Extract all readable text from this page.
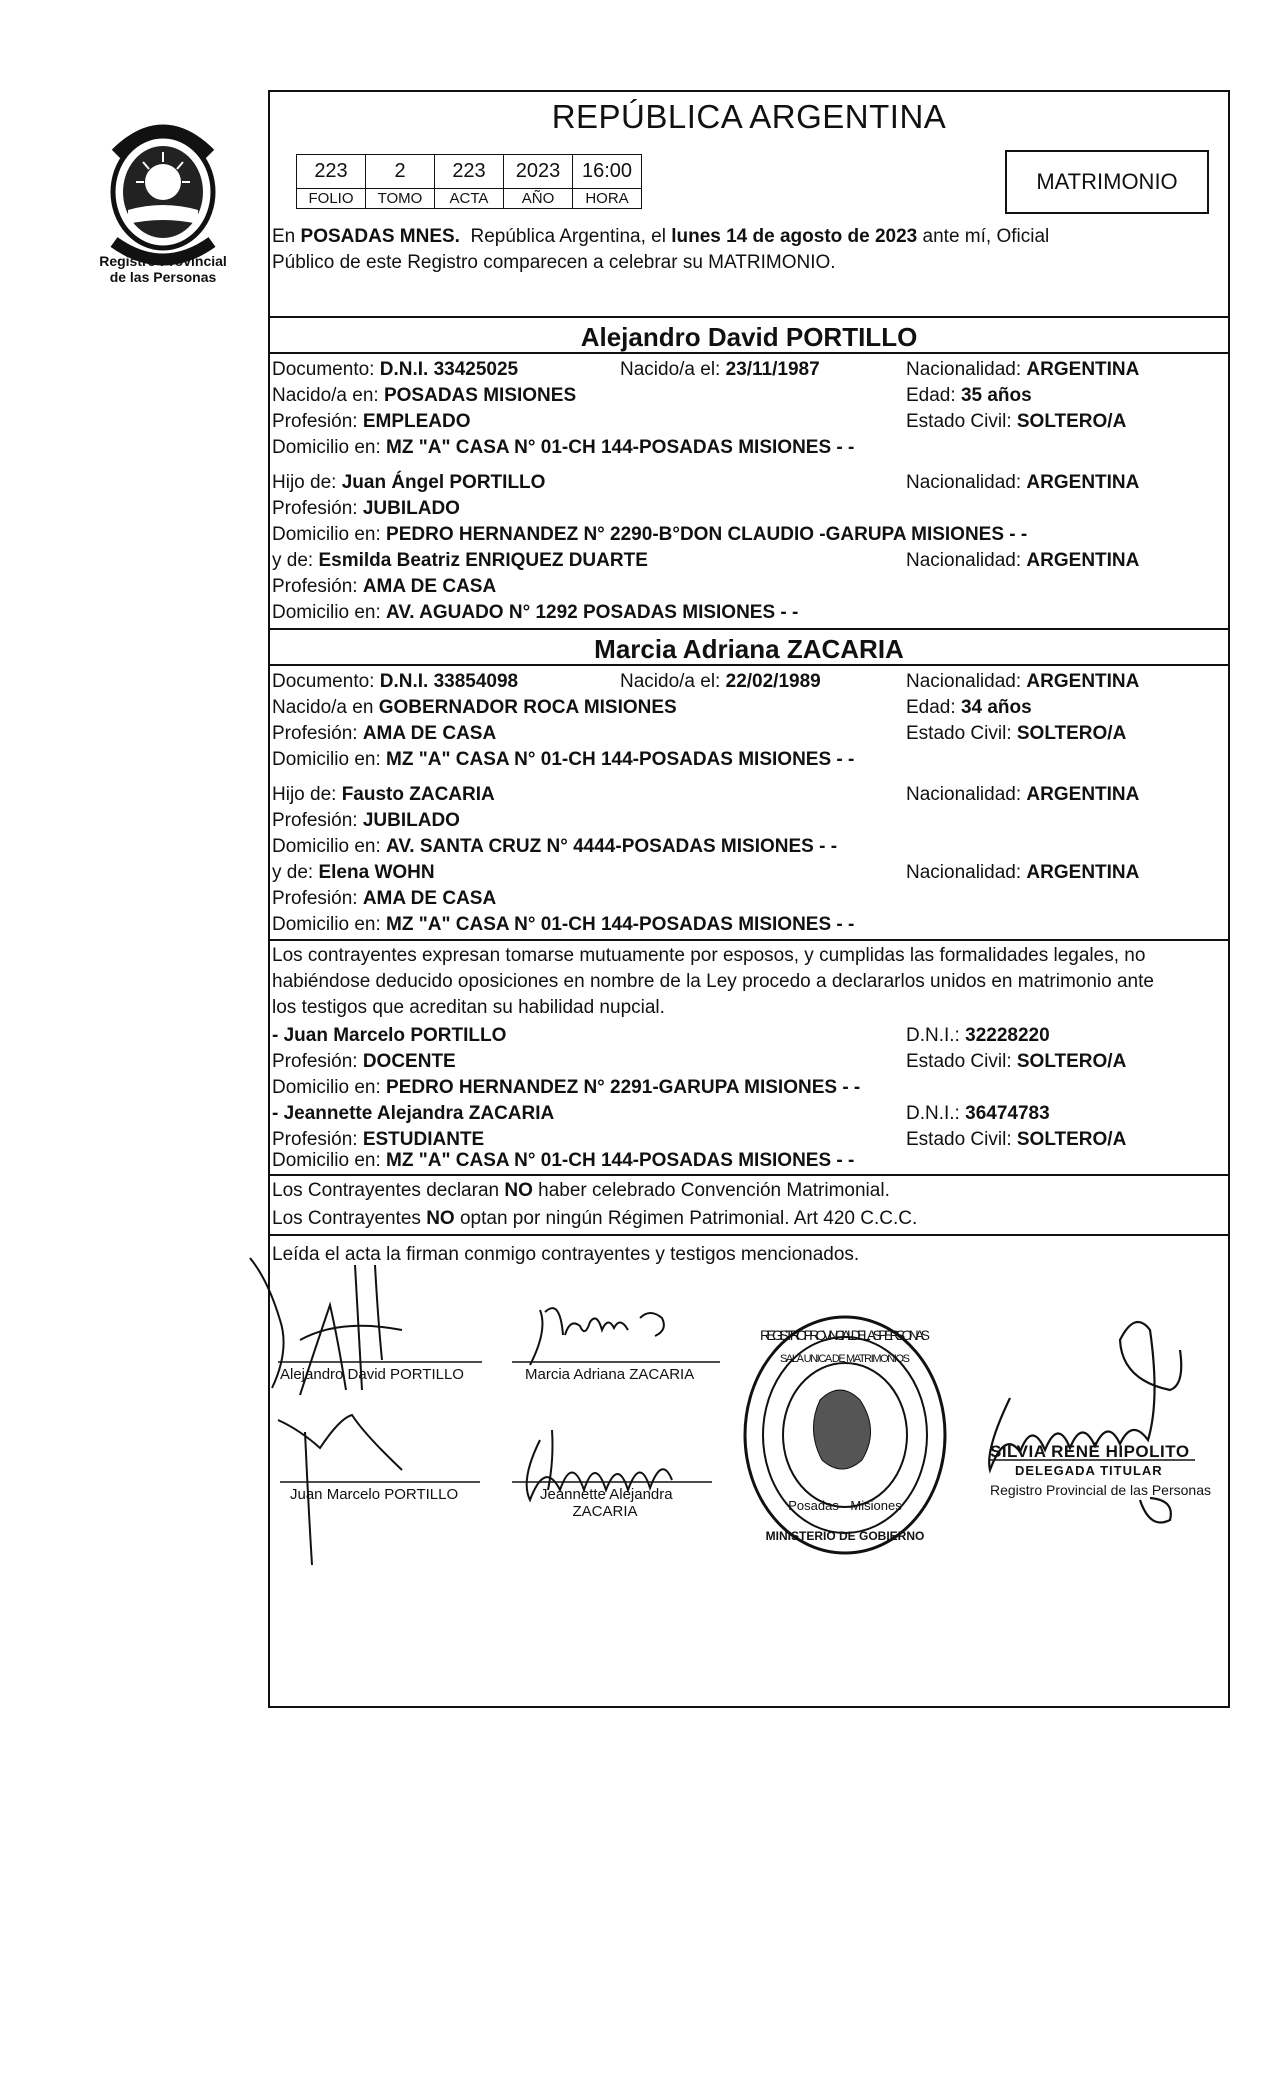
Registro Provincial
de las Personas
REPÚBLICA ARGENTINA
223	2	223	2023	16:00
FOLIO	TOMO	ACTA	AÑO	HORA
MATRIMONIO
En POSADAS MNES.  República Argentina, el lunes 14 de agosto de 2023 ante mí, Oficial
Público de este Registro comparecen a celebrar su MATRIMONIO.
Alejandro David PORTILLO
Documento: D.N.I. 33425025	Nacido/a el: 23/11/1987	Nacionalidad: ARGENTINA
Nacido/a en: POSADAS MISIONES	Edad: 35 años
Profesión: EMPLEADO	Estado Civil: SOLTERO/A
Domicilio en: MZ "A" CASA N° 01-CH 144-POSADAS MISIONES - -
Hijo de: Juan Ángel PORTILLO	Nacionalidad: ARGENTINA
Profesión: JUBILADO
Domicilio en: PEDRO HERNANDEZ N° 2290-B°DON CLAUDIO -GARUPA MISIONES - -
y de: Esmilda Beatriz ENRIQUEZ DUARTE	Nacionalidad: ARGENTINA
Profesión: AMA DE CASA
Domicilio en: AV. AGUADO N° 1292 POSADAS MISIONES - -
Marcia Adriana ZACARIA
Documento: D.N.I. 33854098	Nacido/a el: 22/02/1989	Nacionalidad: ARGENTINA
Nacido/a en GOBERNADOR ROCA MISIONES	Edad: 34 años
Profesión: AMA DE CASA	Estado Civil: SOLTERO/A
Domicilio en: MZ "A" CASA N° 01-CH 144-POSADAS MISIONES - -
Hijo de: Fausto ZACARIA	Nacionalidad: ARGENTINA
Profesión: JUBILADO
Domicilio en: AV. SANTA CRUZ N° 4444-POSADAS MISIONES - -
y de: Elena WOHN	Nacionalidad: ARGENTINA
Profesión: AMA DE CASA
Domicilio en: MZ "A" CASA N° 01-CH 144-POSADAS MISIONES - -
Los contrayentes expresan tomarse mutuamente por esposos, y cumplidas las formalidades legales, no
habiéndose deducido oposiciones en nombre de la Ley procedo a declararlos unidos en matrimonio ante
los testigos que acreditan su habilidad nupcial.
- Juan Marcelo PORTILLO	D.N.I.: 32228220
Profesión: DOCENTE	Estado Civil: SOLTERO/A
Domicilio en: PEDRO HERNANDEZ N° 2291-GARUPA MISIONES - -
- Jeannette Alejandra ZACARIA	D.N.I.: 36474783
Profesión: ESTUDIANTE	Estado Civil: SOLTERO/A
Domicilio en: MZ "A" CASA N° 01-CH 144-POSADAS MISIONES - -
Los Contrayentes declaran NO haber celebrado Convención Matrimonial.
Los Contrayentes NO optan por ningún Régimen Patrimonial. Art 420 C.C.C.
Leída el acta la firman conmigo contrayentes y testigos mencionados.
Alejandro David PORTILLO	Marcia Adriana ZACARIA
Juan Marcelo PORTILLO	Jeannette Alejandra
ZACARIA
SILVIA RENÉ HIPOLITO
DELEGADA TITULAR
Registro Provincial de las Personas
REGISTRO PROVINCIAL DE LAS PERSONAS
SALA UNICA DE MATRIMONIOS
Posadas - Misiones
MINISTERIO DE GOBIERNO
